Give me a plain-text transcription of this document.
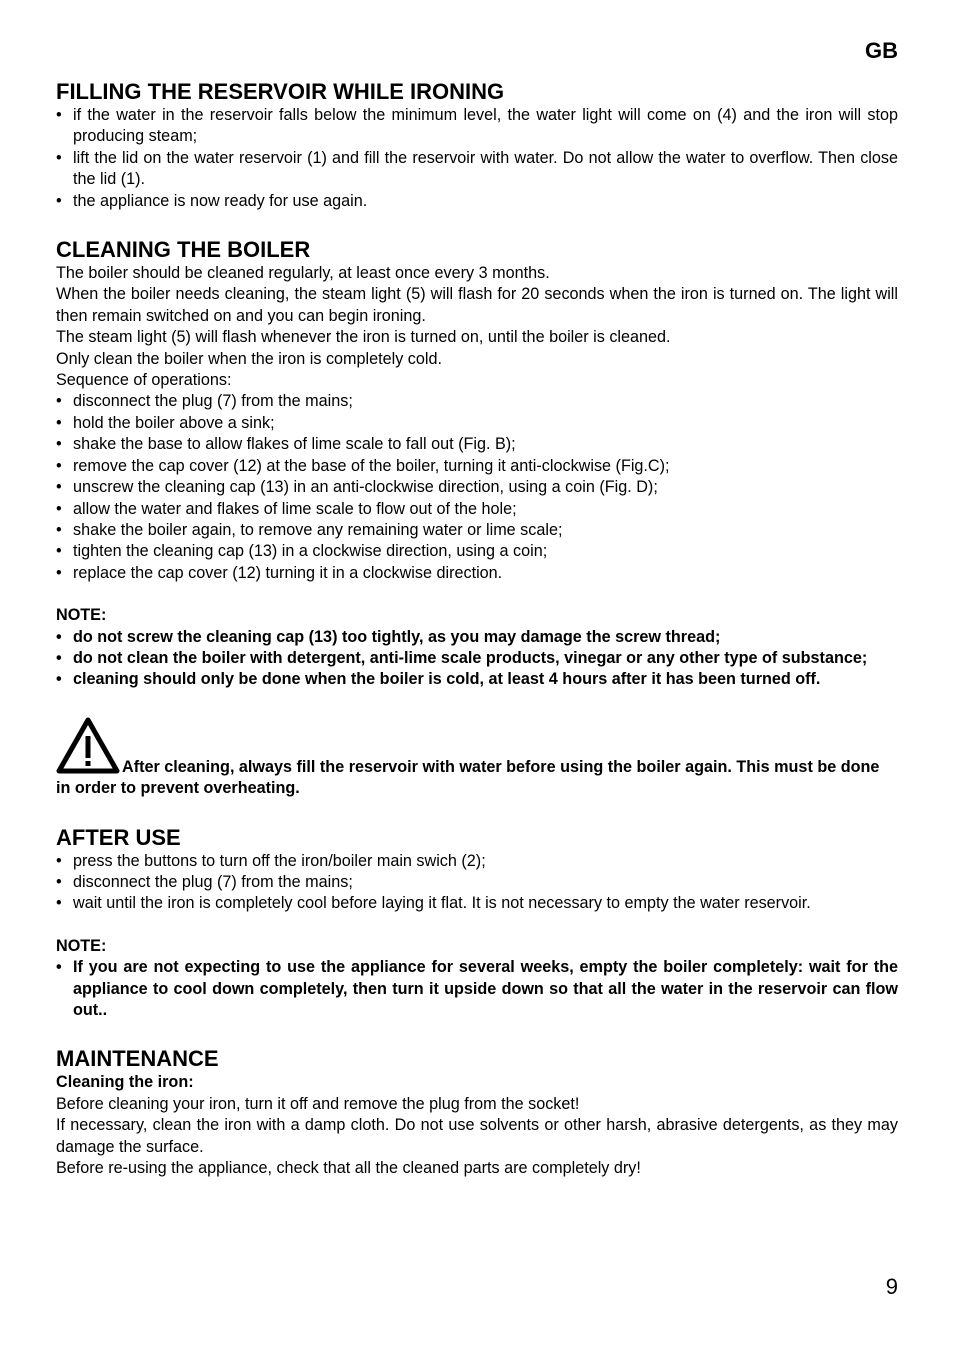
GB
FILLING THE RESERVOIR WHILE IRONING
• if the water in the reservoir falls below the minimum level, the water light will come on (4) and the iron will stop producing steam;
• lift the lid on the water reservoir (1) and fill the reservoir with water. Do not allow the water to overflow. Then close the lid (1).
• the appliance is now ready for use again.
CLEANING THE BOILER

The boiler should be cleaned regularly, at least once every 3 months.

When the boiler needs cleaning, the steam light (5) will flash for 20 seconds when the iron is turned on. The light will then remain switched on and you can begin ironing.

The steam light (5) will flash whenever the iron is turned on, until the boiler is cleaned.

Only clean the boiler when the iron is completely cold.

Sequence of operations:

• disconnect the plug (7) from the mains;
• hold the boiler above a sink;
• shake the base to allow flakes of lime scale to fall out (Fig. B);
• remove the cap cover (12) at the base of the boiler, turning it anti-clockwise (Fig.C);
• unscrew the cleaning cap (13) in an anti-clockwise direction, using a coin (Fig. D);
• allow the water and flakes of lime scale to flow out of the hole;
• shake the boiler again, to remove any remaining water or lime scale;
• tighten the cleaning cap (13) in a clockwise direction, using a coin;
• replace the cap cover (12) turning it in a clockwise direction.

NOTE:

• do not screw the cleaning cap (13) too tightly, as you may damage the screw thread;
• do not clean the boiler with detergent, anti-lime scale products, vinegar or any other type of substance;
• cleaning should only be done when the boiler is cold, at least 4 hours after it has been turned off.

After cleaning, always fill the reservoir with water before using the boiler again. This must be done in order to prevent overheating.

AFTER USE
• press the buttons to turn off the iron/boiler main swich (2);
• disconnect the plug (7) from the mains;
• wait until the iron is completely cool before laying it flat. It is not necessary to empty the water reservoir.

NOTE:

• If you are not expecting to use the appliance for several weeks, empty the boiler completely: wait for the appliance to cool down completely, then turn it upside down so that all the water in the reservoir can flow out..
MAINTENANCE

Cleaning the iron:

Before cleaning your iron, turn it off and remove the plug from the socket!

If necessary, clean the iron with a damp cloth. Do not use solvents or other harsh, abrasive detergents, as they may damage the surface.

Before re-using the appliance, check that all the cleaned parts are completely dry!

9
